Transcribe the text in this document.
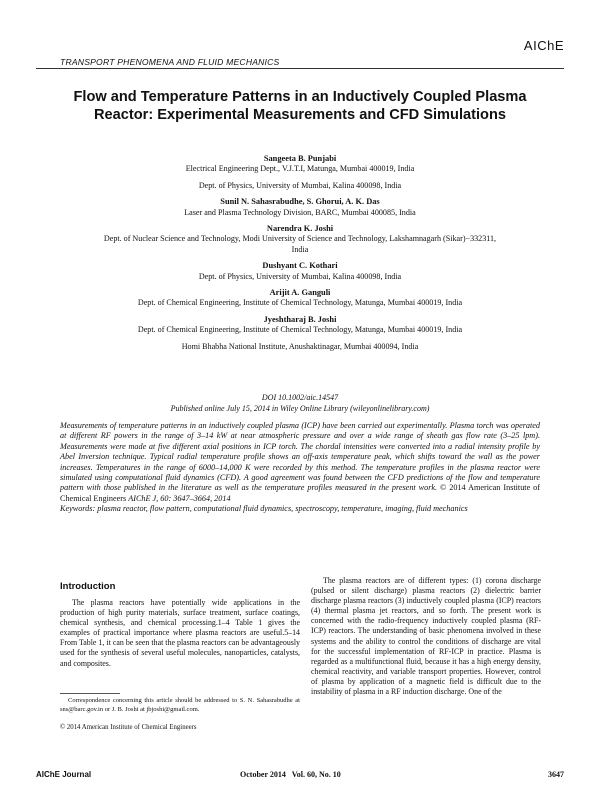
AIChE
TRANSPORT PHENOMENA AND FLUID MECHANICS
Flow and Temperature Patterns in an Inductively Coupled Plasma Reactor: Experimental Measurements and CFD Simulations
Sangeeta B. Punjabi
Electrical Engineering Dept., V.J.T.I, Matunga, Mumbai 400019, India
Dept. of Physics, University of Mumbai, Kalina 400098, India
Sunil N. Sahasrabudhe, S. Ghorui, A. K. Das
Laser and Plasma Technology Division, BARC, Mumbai 400085, India
Narendra K. Joshi
Dept. of Nuclear Science and Technology, Modi University of Science and Technology, Lakshamnagarh (Sikar)−332311, India
Dushyant C. Kothari
Dept. of Physics, University of Mumbai, Kalina 400098, India
Arijit A. Ganguli
Dept. of Chemical Engineering, Institute of Chemical Technology, Matunga, Mumbai 400019, India
Jyeshtharaj B. Joshi
Dept. of Chemical Engineering, Institute of Chemical Technology, Matunga, Mumbai 400019, India
Homi Bhabha National Institute, Anushaktinagar, Mumbai 400094, India
DOI 10.1002/aic.14547
Published online July 15, 2014 in Wiley Online Library (wileyonlinelibrary.com)
Measurements of temperature patterns in an inductively coupled plasma (ICP) have been carried out experimentally. Plasma torch was operated at different RF powers in the range of 3–14 kW at near atmospheric pressure and over a wide range of sheath gas flow rate (3–25 lpm). Measurements were made at five different axial positions in ICP torch. The chordal intensities were converted into a radial intensity profile by Abel Inversion technique. Typical radial temperature profile shows an off-axis temperature peak, which shifts toward the wall as the power increases. Temperatures in the range of 6000–14,000 K were recorded by this method. The temperature profiles in the plasma reactor were simulated using computational fluid dynamics (CFD). A good agreement was found between the CFD predictions of the flow and temperature pattern with those published in the literature as well as the temperature profiles measured in the present work. © 2014 American Institute of Chemical Engineers AIChE J, 60: 3647–3664, 2014
Keywords: plasma reactor, flow pattern, computational fluid dynamics, spectroscopy, temperature, imaging, fluid mechanics
Introduction

The plasma reactors have potentially wide applications in the production of high purity materials, surface treatment, surface coatings, chemical synthesis, and chemical processing.1–4 Table 1 gives the examples of practical importance where plasma reactors are useful.5–14 From Table 1, it can be seen that the plasma reactors can be advantageously used for the synthesis of several useful molecules, nanoparticles, catalysts, and composites.

The plasma reactors are of different types: (1) corona discharge (pulsed or silent discharge) plasma reactors (2) dielectric barrier discharge plasma reactors (3) inductively coupled plasma (ICP) reactors (4) thermal plasma jet reactors, and so forth. The present work is concerned with the radio-frequency inductively coupled plasma (RF-ICP) reactors. The understanding of basic phenomena involved in these systems and the ability to control the conditions of discharge are vital for the successful implementation of RF-ICP in practice. Plasma is regarded as a multifunctional fluid, because it has a high energy density, chemical reactivity, and variable transport properties. However, control of plasma by application of a magnetic field is difficult due to the instability of plasma in a RF induction discharge. One of the

Correspondence concerning this article should be addressed to S. N. Sahasrabudhe at sns@barc.gov.in or J. B. Joshi at jbjoshi@gmail.com.
© 2014 American Institute of Chemical Engineers
AIChE Journal	October 2014   Vol. 60, No. 10	3647
